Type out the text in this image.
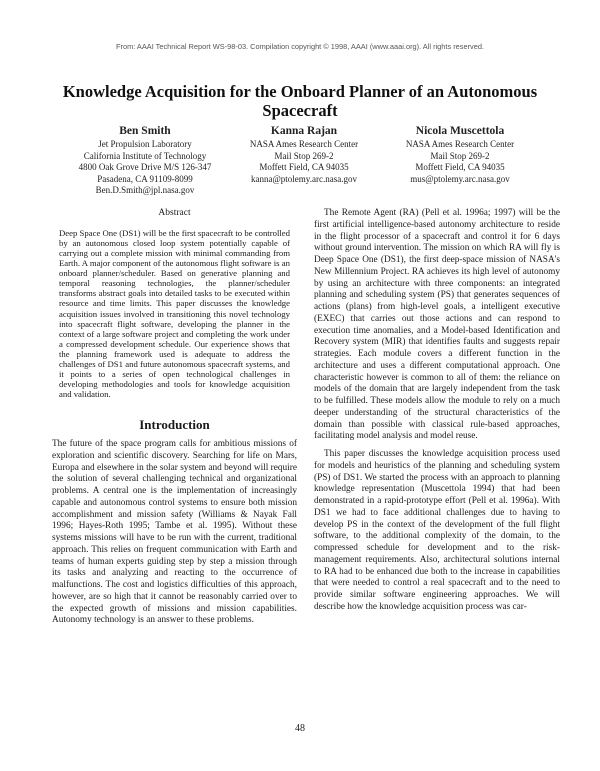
From: AAAI Technical Report WS-98-03. Compilation copyright © 1998, AAAI (www.aaai.org). All rights reserved.
Knowledge Acquisition for the Onboard Planner of an Autonomous Spacecraft
Ben Smith
Jet Propulsion Laboratory
California Institute of Technology
4800 Oak Grove Drive M/S 126-347
Pasadena, CA 91109-8099
Ben.D.Smith@jpl.nasa.gov
Kanna Rajan
NASA Ames Research Center
Mail Stop 269-2
Moffett Field, CA 94035
kanna@ptolemy.arc.nasa.gov
Nicola Muscettola
NASA Ames Research Center
Mail Stop 269-2
Moffett Field, CA 94035
mus@ptolemy.arc.nasa.gov
Abstract

Deep Space One (DS1) will be the first spacecraft to be controlled by an autonomous closed loop system potentially capable of carrying out a complete mission with minimal commanding from Earth. A major component of the autonomous flight software is an onboard planner/scheduler. Based on generative planning and temporal reasoning technologies, the planner/scheduler transforms abstract goals into detailed tasks to be executed within resource and time limits. This paper discusses the knowledge acquisition issues involved in transitioning this novel technology into spacecraft flight software, developing the planner in the context of a large software project and completing the work under a compressed development schedule. Our experience shows that the planning framework used is adequate to address the challenges of DS1 and future autonomous spacecraft systems, and it points to a series of open technological challenges in developing methodologies and tools for knowledge acquisition and validation.

Introduction

The future of the space program calls for ambitious missions of exploration and scientific discovery. Searching for life on Mars, Europa and elsewhere in the solar system and beyond will require the solution of several challenging technical and organizational problems. A central one is the implementation of increasingly capable and autonomous control systems to ensure both mission accomplishment and mission safety (Williams & Nayak Fall 1996; Hayes-Roth 1995; Tambe et al. 1995). Without these systems missions will have to be run with the current, traditional approach. This relies on frequent communication with Earth and teams of human experts guiding step by step a mission through its tasks and analyzing and reacting to the occurrence of malfunctions. The cost and logistics difficulties of this approach, however, are so high that it cannot be reasonably carried over to the expected growth of missions and mission capabilities. Autonomy technology is an answer to these problems.

The Remote Agent (RA) (Pell et al. 1996a; 1997) will be the first artificial intelligence-based autonomy architecture to reside in the flight processor of a spacecraft and control it for 6 days without ground intervention. The mission on which RA will fly is Deep Space One (DS1), the first deep-space mission of NASA's New Millennium Project. RA achieves its high level of autonomy by using an architecture with three components: an integrated planning and scheduling system (PS) that generates sequences of actions (plans) from high-level goals, a intelligent executive (EXEC) that carries out those actions and can respond to execution time anomalies, and a Model-based Identification and Recovery system (MIR) that identifies faults and suggests repair strategies. Each module covers a different function in the architecture and uses a different computational approach. One characteristic however is common to all of them: the reliance on models of the domain that are largely independent from the task to be fulfilled. These models allow the module to rely on a much deeper understanding of the structural characteristics of the domain than possible with classical rule-based approaches, facilitating model analysis and model reuse.

This paper discusses the knowledge acquisition process used for models and heuristics of the planning and scheduling system (PS) of DS1. We started the process with an approach to planning knowledge representation (Muscettola 1994) that had been demonstrated in a rapid-prototype effort (Pell et al. 1996a). With DS1 we had to face additional challenges due to having to develop PS in the context of the development of the full flight software, to the additional complexity of the domain, to the compressed schedule for development and to the risk-management requirements. Also, architectural solutions internal to RA had to be enhanced due both to the increase in capabilities that were needed to control a real spacecraft and to the need to provide similar software engineering approaches. We will describe how the knowledge acquisition process was car-

48
